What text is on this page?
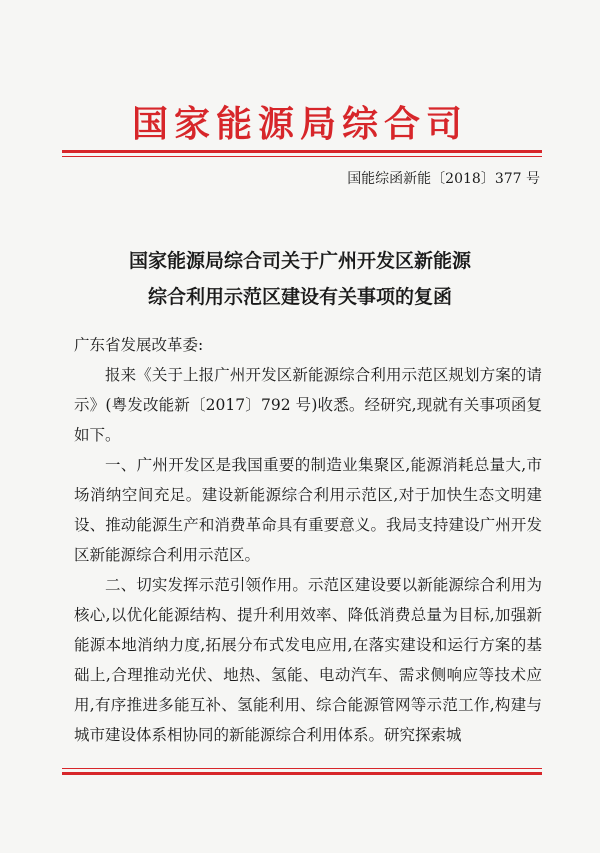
国家能源局综合司
国能综函新能〔2018〕377 号
国家能源局综合司关于广州开发区新能源
综合利用示范区建设有关事项的复函
广东省发展改革委:

报来《关于上报广州开发区新能源综合利用示范区规划方案的请示》(粤发改能新〔2017〕792 号)收悉。经研究,现就有关事项函复如下。

一、广州开发区是我国重要的制造业集聚区,能源消耗总量大,市场消纳空间充足。建设新能源综合利用示范区,对于加快生态文明建设、推动能源生产和消费革命具有重要意义。我局支持建设广州开发区新能源综合利用示范区。

二、切实发挥示范引领作用。示范区建设要以新能源综合利用为核心,以优化能源结构、提升利用效率、降低消费总量为目标,加强新能源本地消纳力度,拓展分布式发电应用,在落实建设和运行方案的基础上,合理推动光伏、地热、氢能、电动汽车、需求侧响应等技术应用,有序推进多能互补、氢能利用、综合能源管网等示范工作,构建与城市建设体系相协同的新能源综合利用体系。研究探索城
